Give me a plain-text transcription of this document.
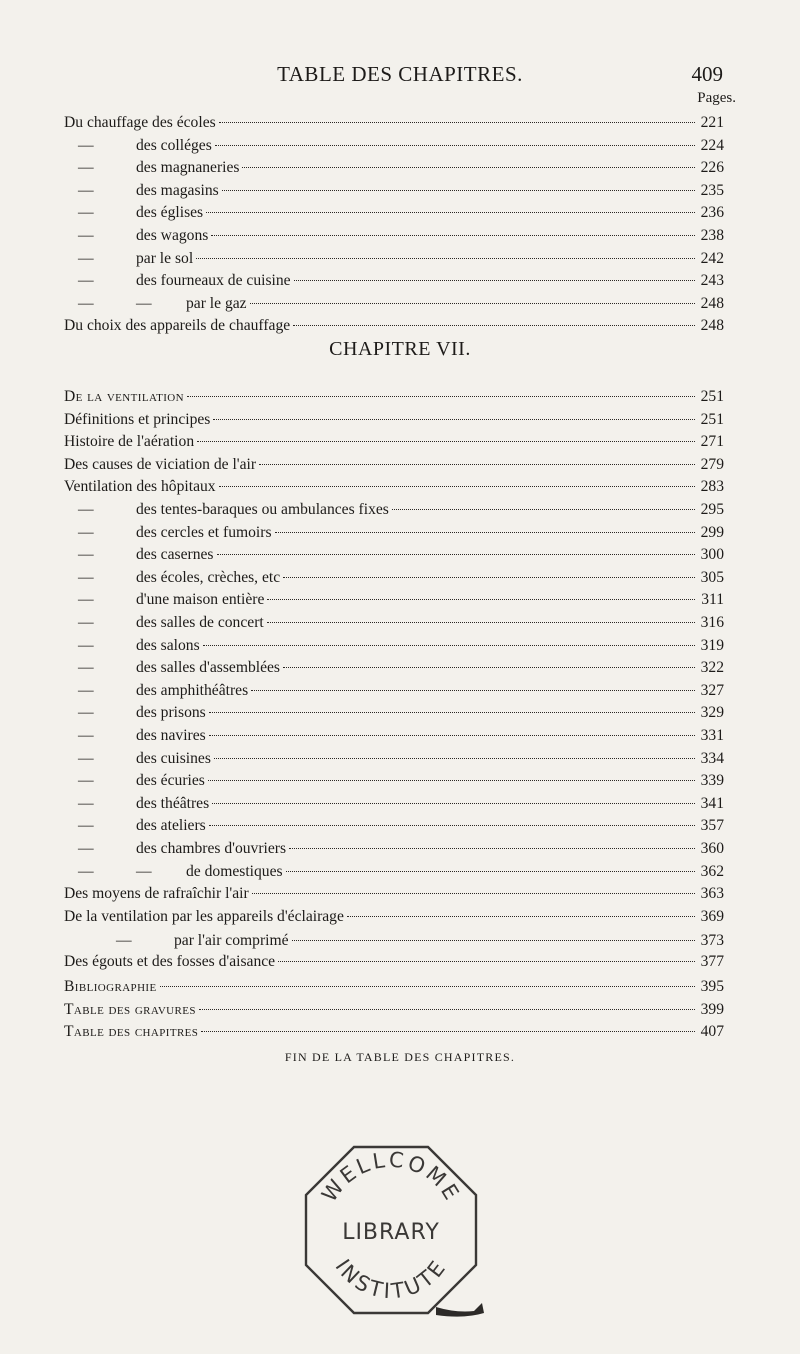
TABLE DES CHAPITRES.	409
Pages.
Du chauffage des écoles	221
—	des colléges	224
—	des magnaneries	226
—	des magasins	235
—	des églises	236
—	des wagons	238
—	par le sol	242
—	des fourneaux de cuisine	243
—	— par le gaz	248
Du choix des appareils de chauffage	248
CHAPITRE VII.
De la ventilation	251
Définitions et principes	251
Histoire de l'aération	271
Des causes de viciation de l'air	279
Ventilation des hôpitaux	283
—	des tentes-baraques ou ambulances fixes	295
—	des cercles et fumoirs	299
—	des casernes	300
—	des écoles, crèches, etc	305
—	d'une maison entière	311
—	des salles de concert	316
—	des salons	319
—	des salles d'assemblées	322
—	des amphithéâtres	327
—	des prisons	329
—	des navires	331
—	des cuisines	334
—	des écuries	339
—	des théâtres	341
—	des ateliers	357
—	des chambres d'ouvriers	360
—	— de domestiques	362
Des moyens de rafraîchir l'air	363
De la ventilation par les appareils d'éclairage	369
—	par l'air comprimé	373
Des égouts et des fosses d'aisance	377
Bibliographie	395
Table des gravures	399
Table des chapitres	407
FIN DE LA TABLE DES CHAPITRES.
WELLCOME
LIBRARY
INSTITUTE
